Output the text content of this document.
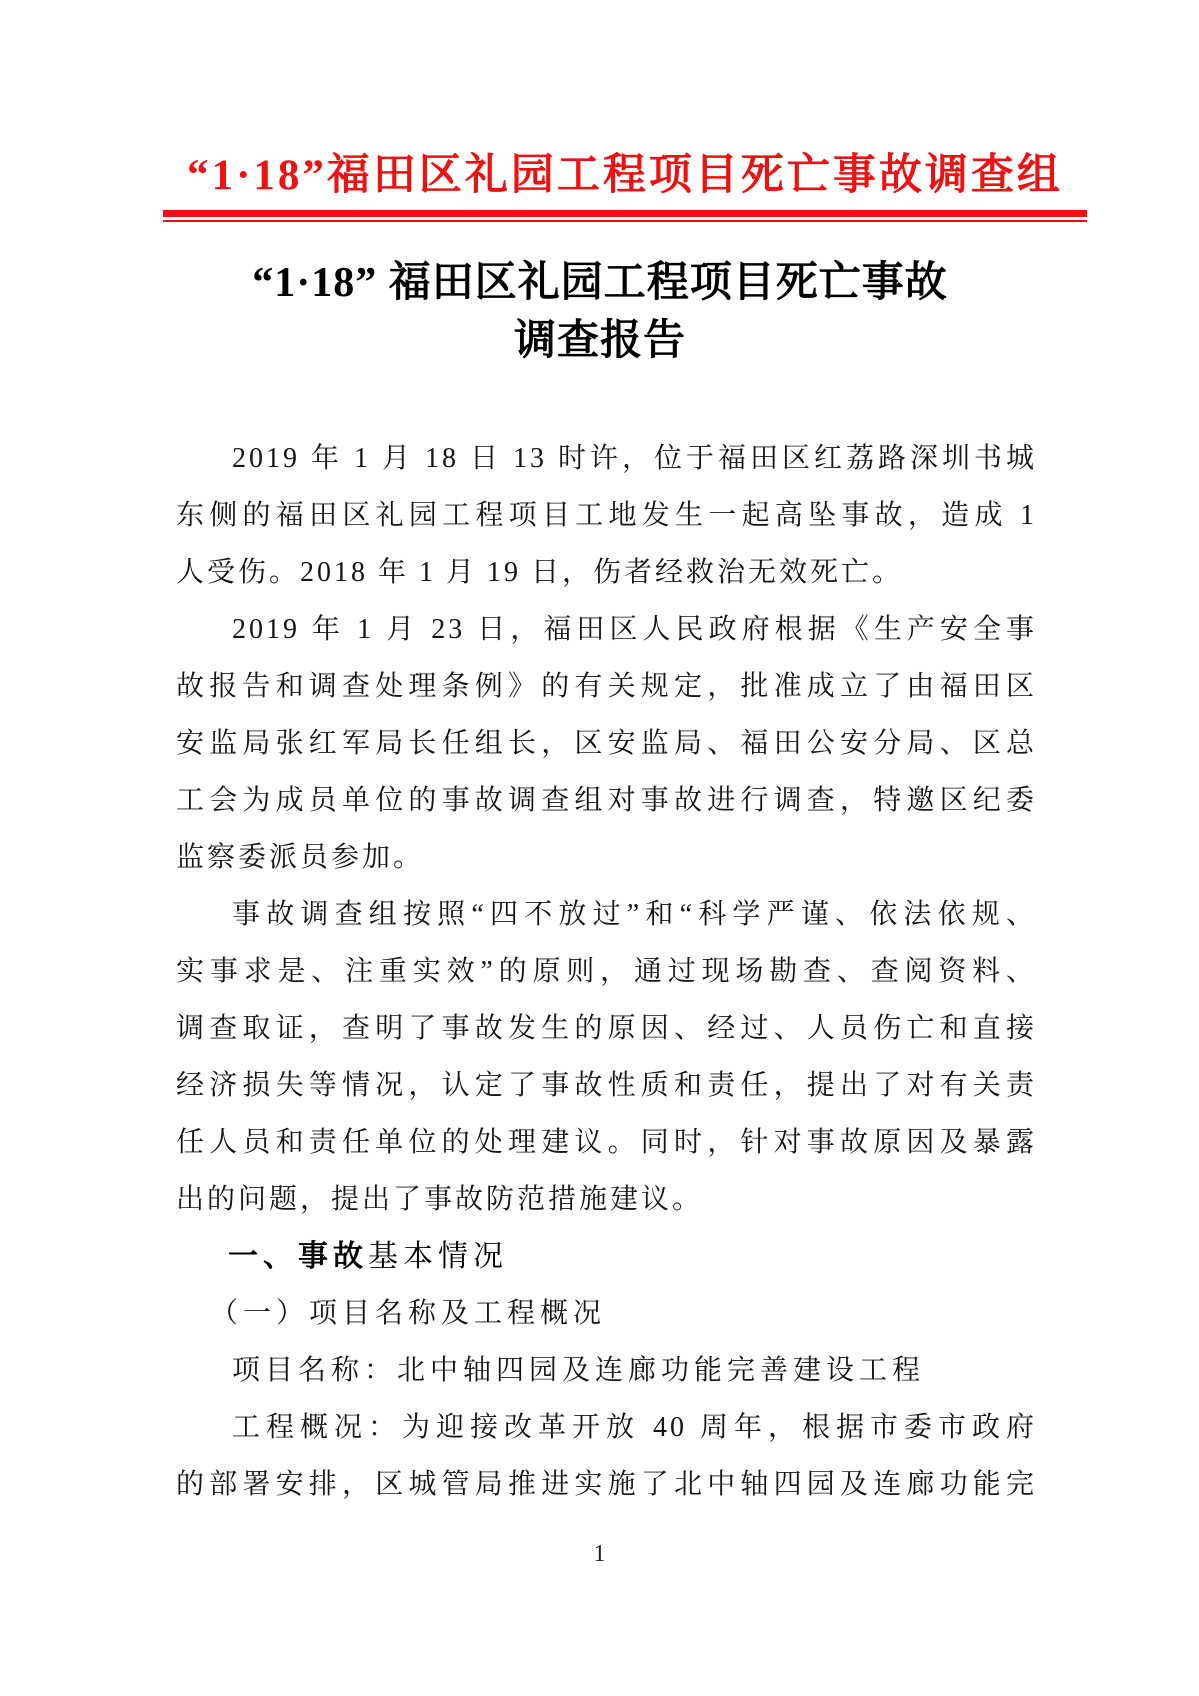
“1·18”福田区礼园工程项目死亡事故调查组
“1·18” 福田区礼园工程项目死亡事故
调查报告
2019 年 1 月 18 日 13 时许，位于福田区红荔路深圳书城
东侧的福田区礼园工程项目工地发生一起高坠事故，造成 1
人受伤。2018 年 1 月 19 日，伤者经救治无效死亡。
2019 年 1 月 23 日，福田区人民政府根据《生产安全事
故报告和调查处理条例》的有关规定，批准成立了由福田区
安监局张红军局长任组长，区安监局、福田公安分局、区总
工会为成员单位的事故调查组对事故进行调查，特邀区纪委
监察委派员参加。
事故调查组按照“四不放过”和“科学严谨、依法依规、
实事求是、注重实效”的原则，通过现场勘查、查阅资料、
调查取证，查明了事故发生的原因、经过、人员伤亡和直接
经济损失等情况，认定了事故性质和责任，提出了对有关责
任人员和责任单位的处理建议。同时，针对事故原因及暴露
出的问题，提出了事故防范措施建议。
一、事故基本情况
（一）项目名称及工程概况
项目名称：北中轴四园及连廊功能完善建设工程
工程概况：为迎接改革开放 40 周年，根据市委市政府
的部署安排，区城管局推进实施了北中轴四园及连廊功能完
1
